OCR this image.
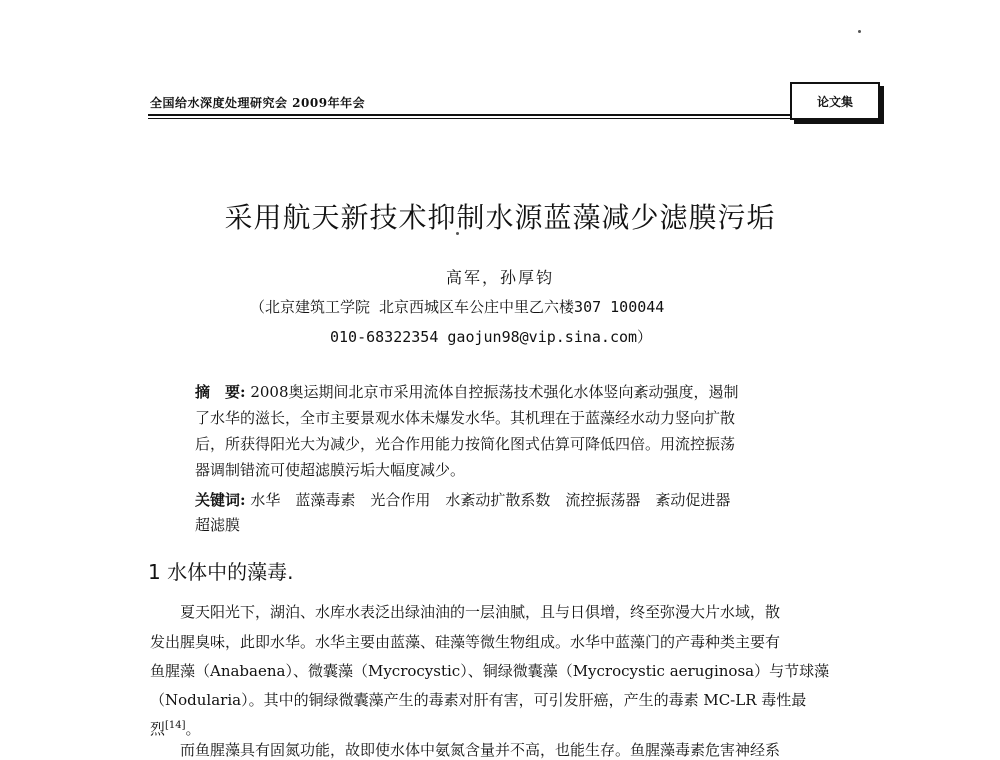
全国给水深度处理研究会 2009年年会	论文集
采用航天新技术抑制水源蓝藻减少滤膜污垢
高军，孙厚钧
（北京建筑工学院 北京西城区车公庄中里乙六楼307 100044
010-68322354 gaojun98@vip.sina.com）
摘　要: 2008奥运期间北京市采用流体自控振荡技术强化水体竖向紊动强度，遏制
了水华的滋长，全市主要景观水体未爆发水华。其机理在于蓝藻经水动力竖向扩散
后，所获得阳光大为减少，光合作用能力按简化图式估算可降低四倍。用流控振荡
器调制错流可使超滤膜污垢大幅度减少。
关键词: 水华　蓝藻毒素　光合作用　水紊动扩散系数　流控振荡器　紊动促进器
超滤膜
1 水体中的藻毒.
　　夏天阳光下，湖泊、水库水表泛出绿油油的一层油腻，且与日俱增，终至弥漫大片水域，散
发出腥臭味，此即水华。水华主要由蓝藻、硅藻等微生物组成。水华中蓝藻门的产毒种类主要有
鱼腥藻（Anabaena）、微囊藻（Mycrocystic）、铜绿微囊藻（Mycrocystic aeruginosa）与节球藻
（Nodularia）。其中的铜绿微囊藻产生的毒素对肝有害，可引发肝癌，产生的毒素 MC-LR 毒性最
烈[14]。
　　而鱼腥藻具有固氮功能，故即使水体中氨氮含量并不高，也能生存。鱼腥藻毒素危害神经系
